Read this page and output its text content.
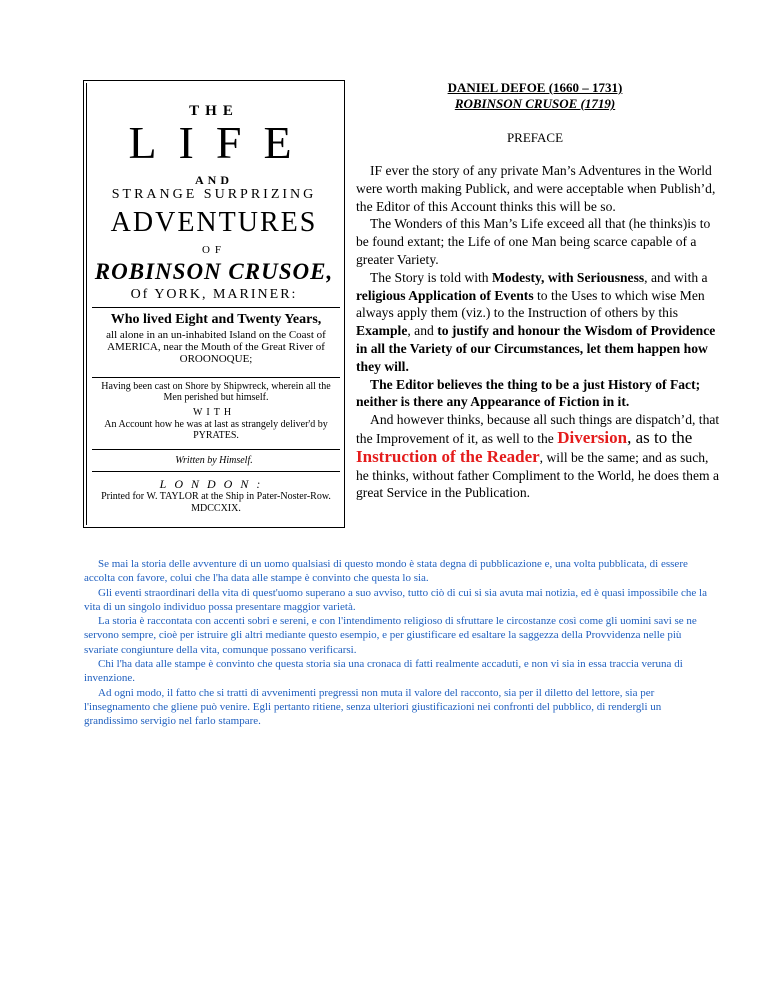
THE
LIFE
AND
STRANGE SURPRIZING
ADVENTURES
OF
ROBINSON CRUSOE,
Of YORK, MARINER:
Who lived Eight and Twenty Years,
all alone in an un-inhabited Island on the Coast of AMERICA, near the Mouth of the Great River of OROONOQUE;
Having been cast on Shore by Shipwreck, wherein all the Men perished but himself.
WITH
An Account how he was at last as strangely deliver'd by PYRATES.
Written by Himself.
LONDON:
Printed for W. TAYLOR at the Ship in Pater-Noster-Row. MDCCXIX.
DANIEL DEFOE (1660 – 1731)
ROBINSON CRUSOE (1719)
PREFACE

IF ever the story of any private Man’s Adventures in the World were worth making Publick, and were acceptable when Publish’d, the Editor of this Account thinks this will be so.

The Wonders of this Man’s Life exceed all that (he thinks)is to be found extant; the Life of one Man being scarce capable of a greater Variety.

The Story is told with Modesty, with Seriousness, and with a religious Application of Events to the Uses to which wise Men always apply them (viz.) to the Instruction of others by this Example, and to justify and honour the Wisdom of Providence in all the Variety of our Circumstances, let them happen how they will.

The Editor believes the thing to be a just History of Fact; neither is there any Appearance of Fiction in it.

And however thinks, because all such things are dispatch’d, that the Improvement of it, as well to the Diversion, as to the Instruction of the Reader, will be the same; and as such, he thinks, without father Compliment to the World, he does them a great Service in the Publication.

Se mai la storia delle avventure di un uomo qualsiasi di questo mondo è stata degna di pubblicazione e, una volta pubblicata, di essere accolta con favore, colui che l'ha data alle stampe è convinto che questa lo sia.

Gli eventi straordinari della vita di quest'uomo superano a suo avviso, tutto ciò di cui si sia avuta mai notizia, ed è quasi impossibile che la vita di un singolo individuo possa presentare maggior varietà.

La storia è raccontata con accenti sobri e sereni, e con l'intendimento religioso di sfruttare le circostanze così come gli uomini savi se ne servono sempre, cioè per istruire gli altri mediante questo esempio, e per giustificare ed esaltare la saggezza della Provvidenza nelle più svariate congiunture della vita, comunque possano verificarsi.

Chi l'ha data alle stampe è convinto che questa storia sia una cronaca di fatti realmente accaduti, e non vi sia in essa traccia veruna di invenzione.

Ad ogni modo, il fatto che si tratti di avvenimenti pregressi non muta il valore del racconto, sia per il diletto del lettore, sia per l'insegnamento che gliene può venire. Egli pertanto ritiene, senza ulteriori giustificazioni nei confronti del pubblico, di rendergli un grandissimo servigio nel farlo stampare.
